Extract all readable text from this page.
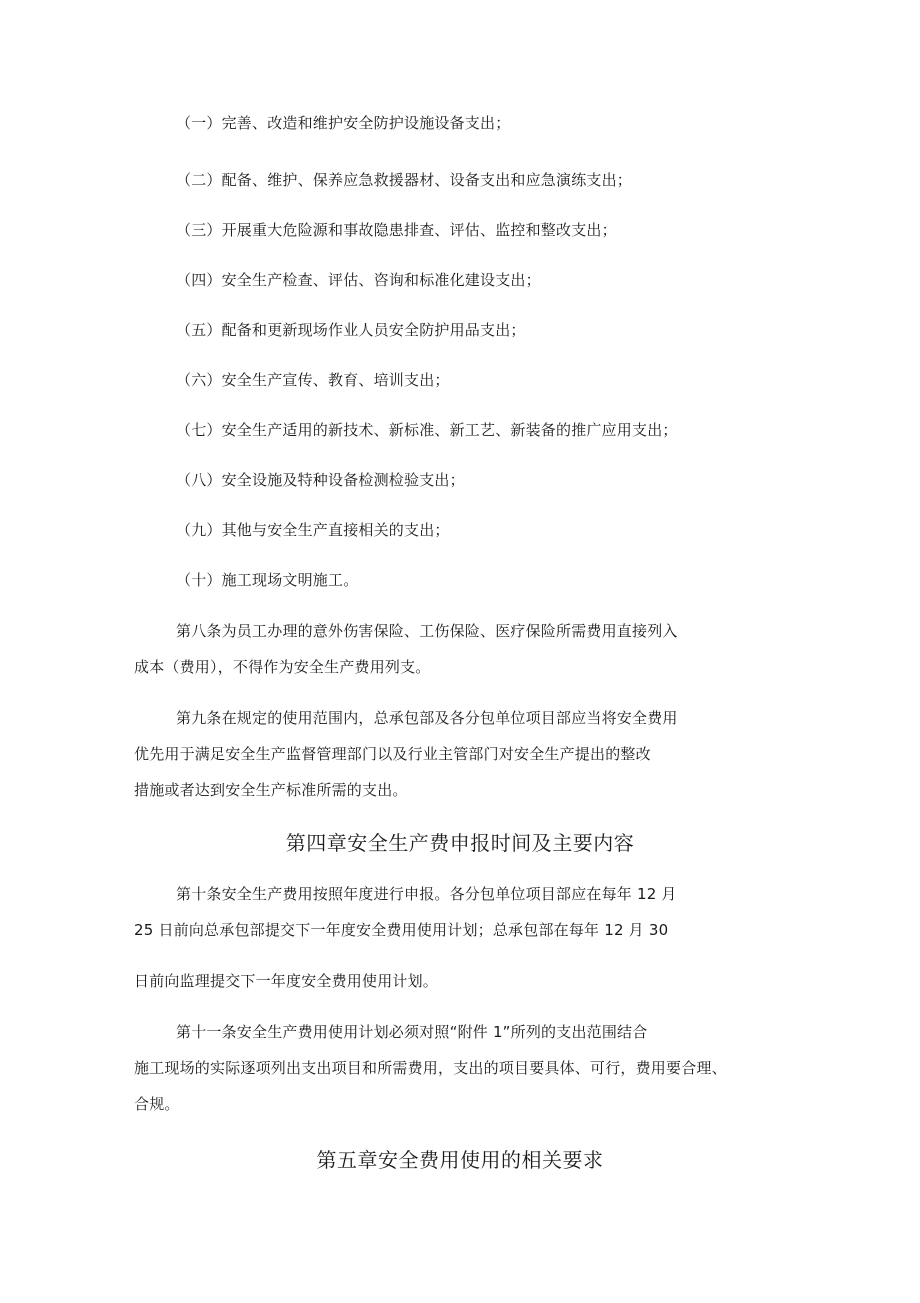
（一）完善、改造和维护安全防护设施设备支出；
（二）配备、维护、保养应急救援器材、设备支出和应急演练支出；
（三）开展重大危险源和事故隐患排查、评估、监控和整改支出；
（四）安全生产检查、评估、咨询和标准化建设支出；
（五）配备和更新现场作业人员安全防护用品支出；
（六）安全生产宣传、教育、培训支出；
（七）安全生产适用的新技术、新标准、新工艺、新装备的推广应用支出；
（八）安全设施及特种设备检测检验支出；
（九）其他与安全生产直接相关的支出；
（十）施工现场文明施工。
第八条为员工办理的意外伤害保险、工伤保险、医疗保险所需费用直接列入
成本（费用），不得作为安全生产费用列支。
第九条在规定的使用范围内，总承包部及各分包单位项目部应当将安全费用
优先用于满足安全生产监督管理部门以及行业主管部门对安全生产提出的整改
措施或者达到安全生产标准所需的支出。
第四章安全生产费申报时间及主要内容
第十条安全生产费用按照年度进行申报。各分包单位项目部应在每年 12 月
25 日前向总承包部提交下一年度安全费用使用计划；总承包部在每年 12 月 30
日前向监理提交下一年度安全费用使用计划。
第十一条安全生产费用使用计划必须对照“附件 1”所列的支出范围结合
施工现场的实际逐项列出支出项目和所需费用，支出的项目要具体、可行，费用要合理、
合规。
第五章安全费用使用的相关要求
